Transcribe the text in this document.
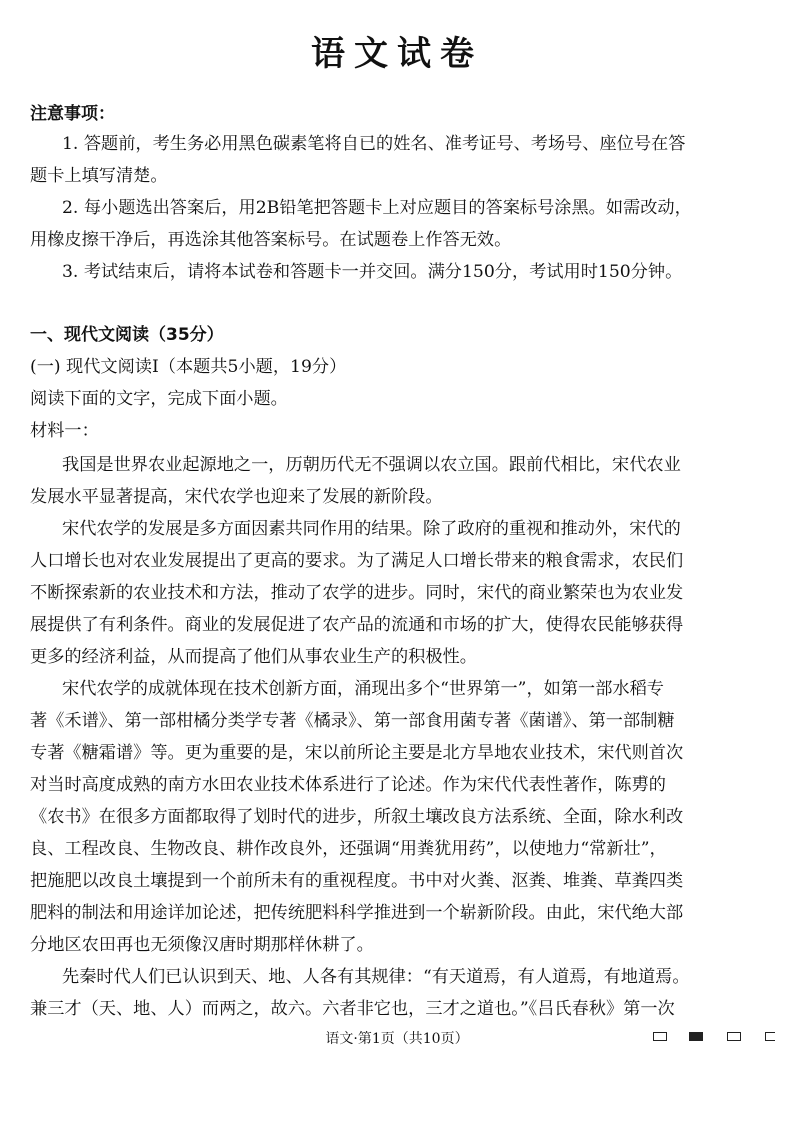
语文试卷
注意事项：
1. 答题前，考生务必用黑色碳素笔将自已的姓名、准考证号、考场号、座位号在答
题卡上填写清楚。
2. 每小题选出答案后，用2B铅笔把答题卡上对应题目的答案标号涂黑。如需改动，
用橡皮擦干净后，再选涂其他答案标号。在试题卷上作答无效。
3. 考试结束后，请将本试卷和答题卡一并交回。满分150分，考试用时150分钟。
一、现代文阅读（35分）
(一) 现代文阅读Ⅰ（本题共5小题，19分）
阅读下面的文字，完成下面小题。
材料一：
我国是世界农业起源地之一，历朝历代无不强调以农立国。跟前代相比，宋代农业
发展水平显著提高，宋代农学也迎来了发展的新阶段。
宋代农学的发展是多方面因素共同作用的结果。除了政府的重视和推动外，宋代的
人口增长也对农业发展提出了更高的要求。为了满足人口增长带来的粮食需求，农民们
不断探索新的农业技术和方法，推动了农学的进步。同时，宋代的商业繁荣也为农业发
展提供了有利条件。商业的发展促进了农产品的流通和市场的扩大，使得农民能够获得
更多的经济利益，从而提高了他们从事农业生产的积极性。
宋代农学的成就体现在技术创新方面，涌现出多个“世界第一”，如第一部水稻专
著《禾谱》、第一部柑橘分类学专著《橘录》、第一部食用菌专著《菌谱》、第一部制糖
专著《糖霜谱》等。更为重要的是，宋以前所论主要是北方旱地农业技术，宋代则首次
对当时高度成熟的南方水田农业技术体系进行了论述。作为宋代代表性著作，陈旉的
《农书》在很多方面都取得了划时代的进步，所叙土壤改良方法系统、全面，除水利改
良、工程改良、生物改良、耕作改良外，还强调“用粪犹用药”，以使地力“常新壮”，
把施肥以改良土壤提到一个前所未有的重视程度。书中对火粪、沤粪、堆粪、草粪四类
肥料的制法和用途详加论述，把传统肥料科学推进到一个崭新阶段。由此，宋代绝大部
分地区农田再也无须像汉唐时期那样休耕了。
先秦时代人们已认识到天、地、人各有其规律：“有天道焉，有人道焉，有地道焉。
兼三才（天、地、人）而两之，故六。六者非它也，三才之道也。”《吕氏春秋》第一次
语文·第1页（共10页）
